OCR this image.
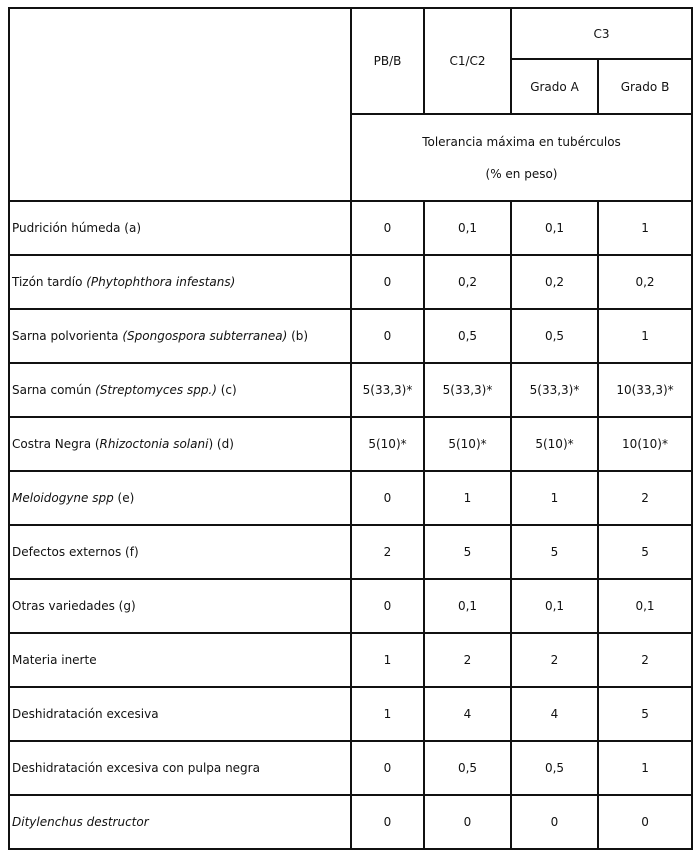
	PB/B	C1/C2	C3	
			Grado A	Grado B

	Tolerancia máxima en tubérculos
(% en peso)			

Pudrición húmeda (a)	0	0,1	0,1	1
Tizón tardío (Phytophthora infestans)	0	0,2	0,2	0,2
Sarna polvorienta (Spongospora subterranea) (b)	0	0,5	0,5	1
Sarna común (Streptomyces spp.) (c)	5(33,3)*	5(33,3)*	5(33,3)*	10(33,3)*
Costra Negra (Rhizoctonia solani) (d)	5(10)*	5(10)*	5(10)*	10(10)*
Meloidogyne spp (e)	0	1	1	2
Defectos externos (f)	2	5	5	5
Otras variedades (g)	0	0,1	0,1	0,1
Materia inerte	1	2	2	2
Deshidratación excesiva	1	4	4	5
Deshidratación excesiva con pulpa negra	0	0,5	0,5	1
Ditylenchus destructor	0	0	0	0
